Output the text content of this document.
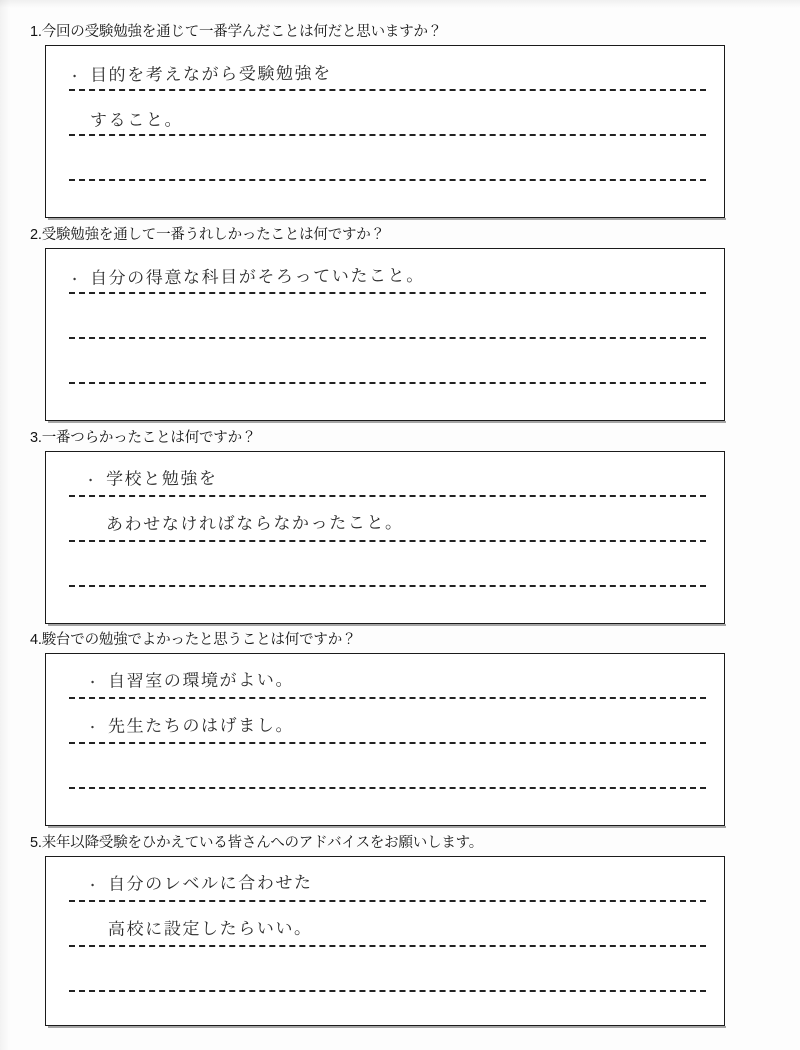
1.今回の受験勉強を通じて一番学んだことは何だと思いますか？
・ 目的を考えながら受験勉強を
すること。
2.受験勉強を通して一番うれしかったことは何ですか？
・ 自分の得意な科目がそろっていたこと。
3.一番つらかったことは何ですか？
・ 学校と勉強を
あわせなければならなかったこと。
4.駿台での勉強でよかったと思うことは何ですか？
・ 自習室の環境がよい。
・ 先生たちのはげまし。
5.来年以降受験をひかえている皆さんへのアドバイスをお願いします。
・ 自分のレベルに合わせた
高校に設定したらいい。
